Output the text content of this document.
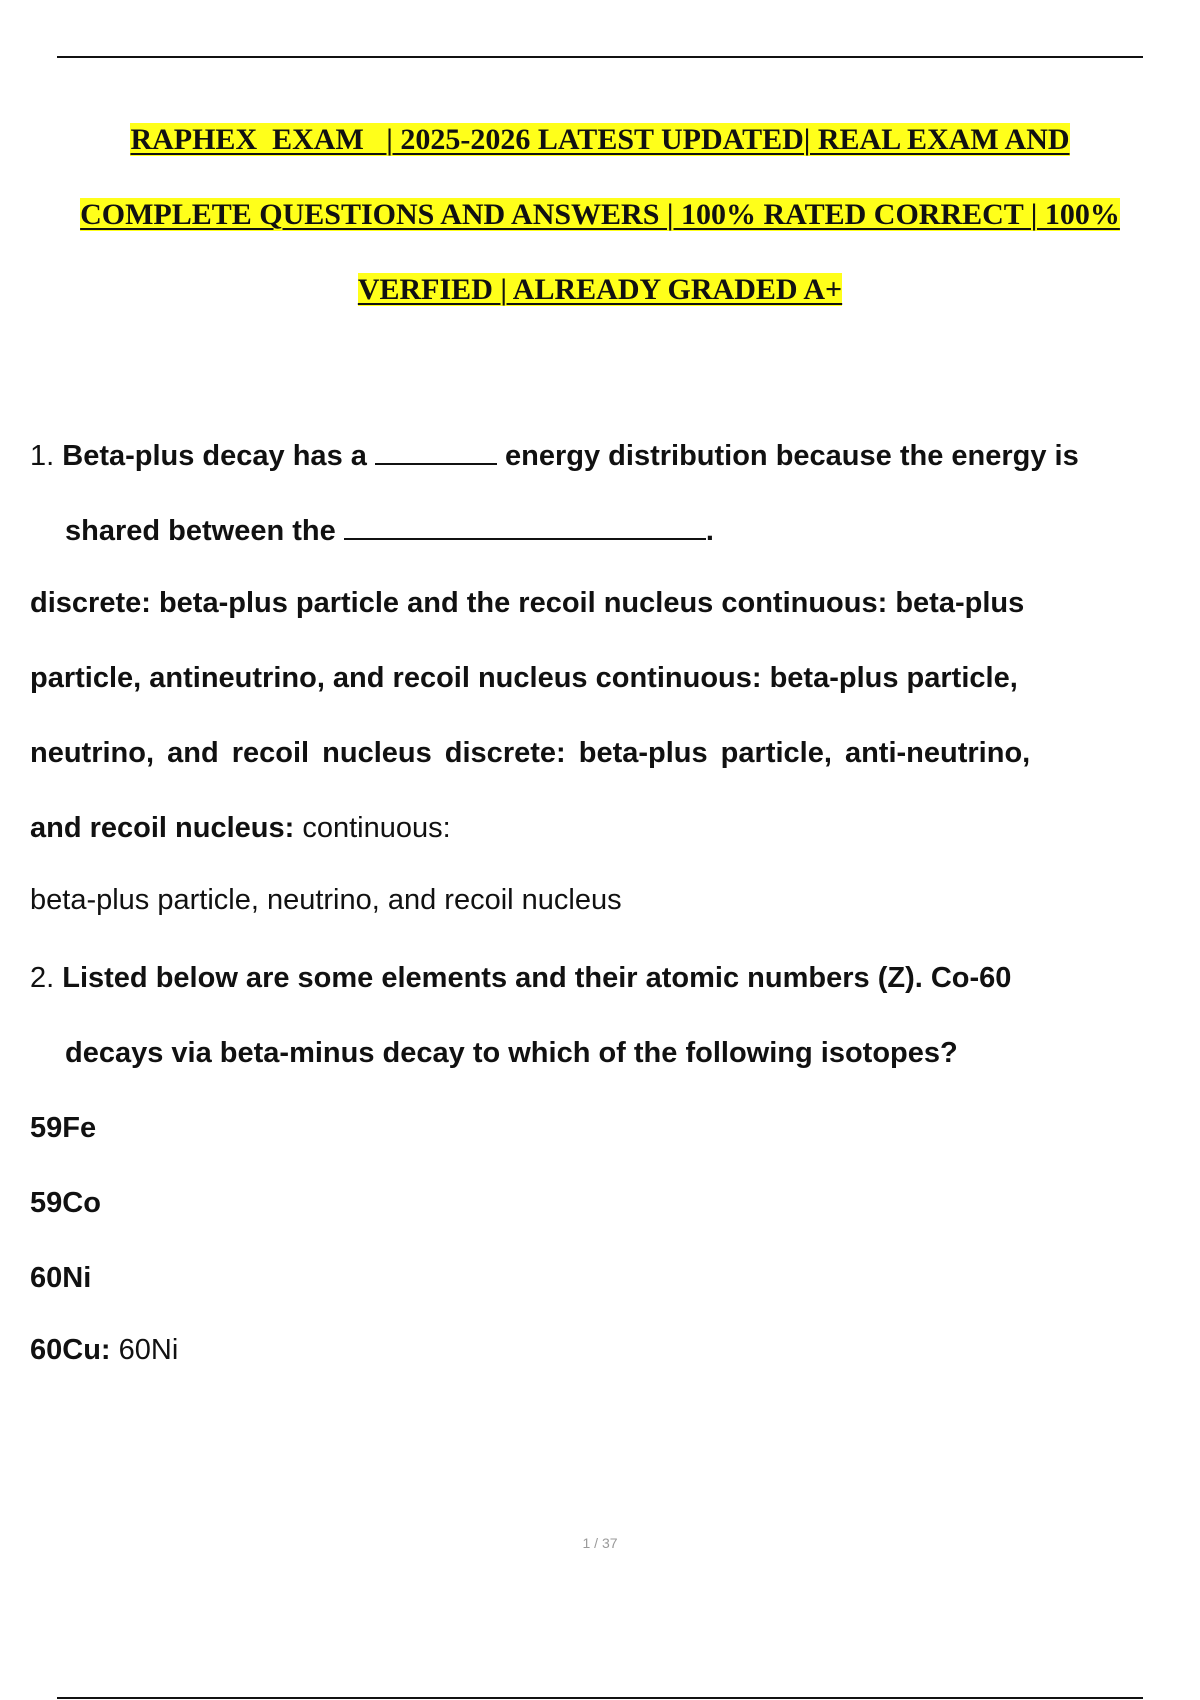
RAPHEX  EXAM   | 2025-2026 LATEST UPDATED| REAL EXAM AND
COMPLETE QUESTIONS AND ANSWERS | 100% RATED CORRECT | 100%
VERFIED | ALREADY GRADED A+
1. Beta-plus decay has a	energy distribution because the energy is
shared between the	.
discrete: beta-plus particle and the recoil nucleus continuous: beta-plus
particle, antineutrino, and recoil nucleus continuous: beta-plus particle,
neutrino, and recoil nucleus discrete: beta-plus particle, anti-neutrino,
and recoil nucleus: continuous:
beta-plus particle, neutrino, and recoil nucleus
2. Listed below are some elements and their atomic numbers (Z). Co-60
decays via beta-minus decay to which of the following isotopes?
59Fe
59Co
60Ni
60Cu: 60Ni
1 / 37
